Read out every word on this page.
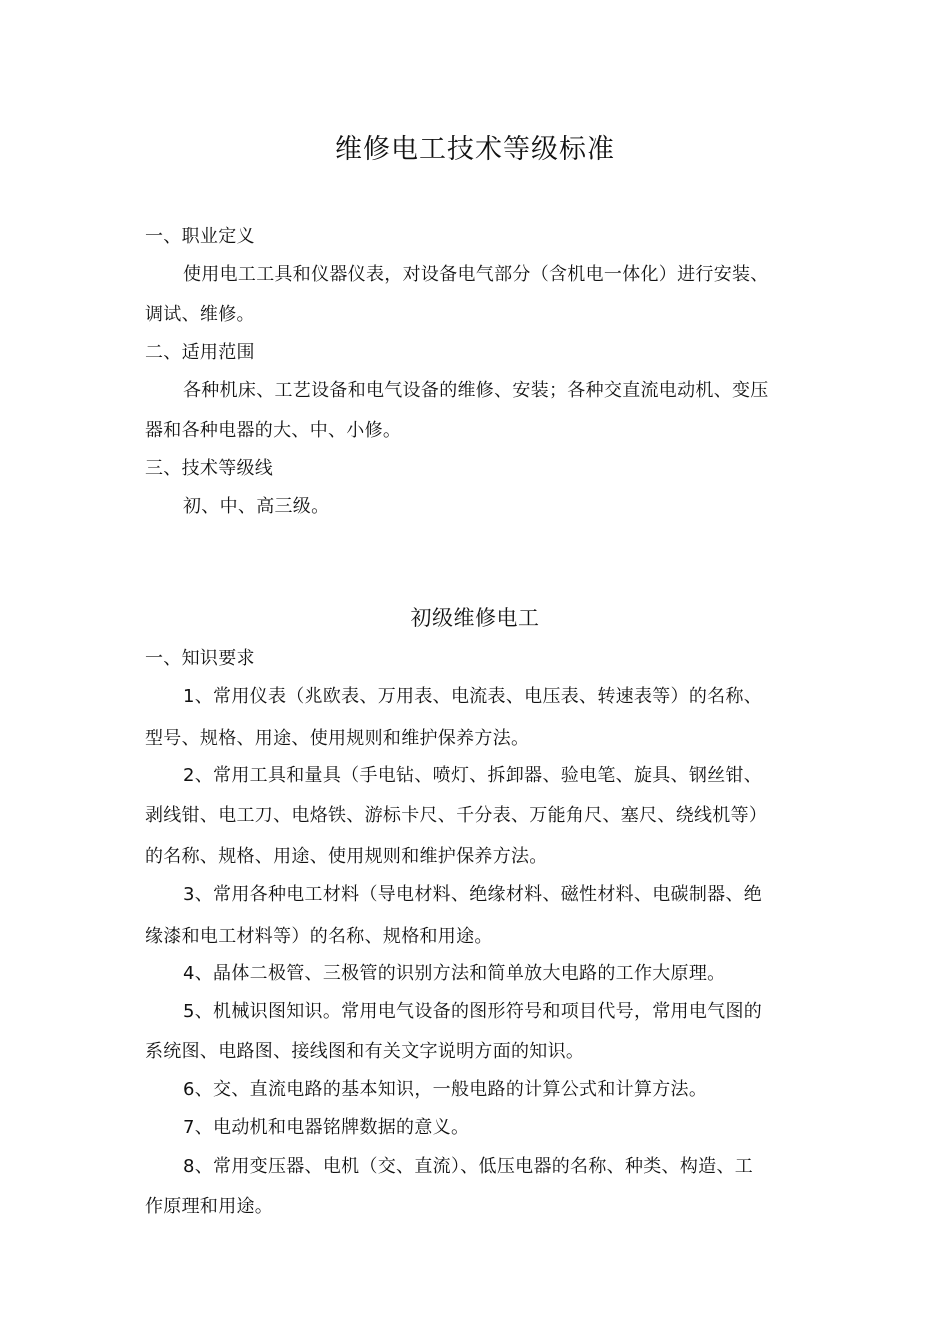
维修电工技术等级标准
一、职业定义
使用电工工具和仪器仪表，对设备电气部分（含机电一体化）进行安装、
调试、维修。
二、适用范围
各种机床、工艺设备和电气设备的维修、安装；各种交直流电动机、变压
器和各种电器的大、中、小修。
三、技术等级线
初、中、高三级。
初级维修电工
一、知识要求
1、常用仪表（兆欧表、万用表、电流表、电压表、转速表等）的名称、
型号、规格、用途、使用规则和维护保养方法。
2、常用工具和量具（手电钻、喷灯、拆卸器、验电笔、旋具、钢丝钳、
剥线钳、电工刀、电烙铁、游标卡尺、千分表、万能角尺、塞尺、绕线机等）
的名称、规格、用途、使用规则和维护保养方法。
3、常用各种电工材料（导电材料、绝缘材料、磁性材料、电碳制器、绝
缘漆和电工材料等）的名称、规格和用途。
4、晶体二极管、三极管的识别方法和简单放大电路的工作大原理。
5、机械识图知识。常用电气设备的图形符号和项目代号，常用电气图的
系统图、电路图、接线图和有关文字说明方面的知识。
6、交、直流电路的基本知识，一般电路的计算公式和计算方法。
7、电动机和电器铭牌数据的意义。
8、常用变压器、电机（交、直流）、低压电器的名称、种类、构造、工
作原理和用途。
